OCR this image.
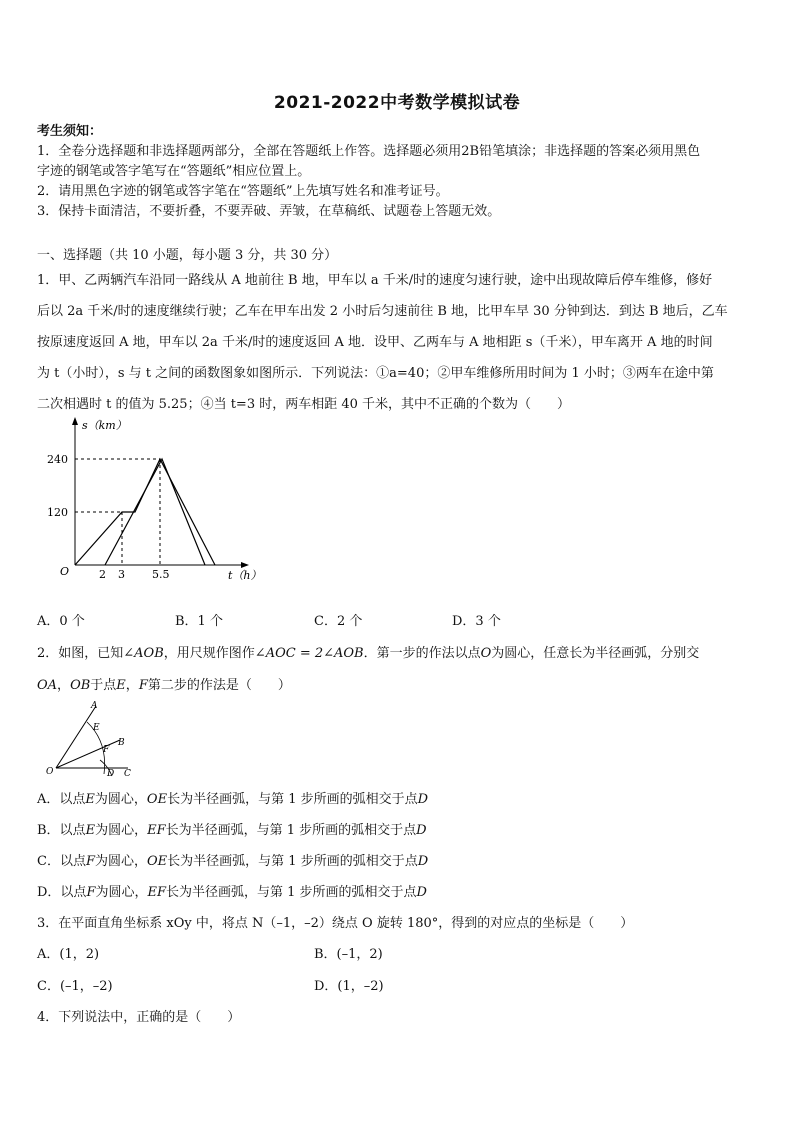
2021-2022中考数学模拟试卷
考生须知：
1．全卷分选择题和非选择题两部分，全部在答题纸上作答。选择题必须用2B铅笔填涂；非选择题的答案必须用黑色
字迹的钢笔或答字笔写在“答题纸”相应位置上。
2．请用黑色字迹的钢笔或答字笔在“答题纸”上先填写姓名和准考证号。
3．保持卡面清洁，不要折叠，不要弄破、弄皱，在草稿纸、试题卷上答题无效。
一、选择题（共 10 小题，每小题 3 分，共 30 分）
1．甲、乙两辆汽车沿同一路线从 A 地前往 B 地，甲车以 a 千米/时的速度匀速行驶，途中出现故障后停车维修，修好
后以 2a 千米/时的速度继续行驶；乙车在甲车出发 2 小时后匀速前往 B 地，比甲车早 30 分钟到达．到达 B 地后，乙车
按原速度返回 A 地，甲车以 2a 千米/时的速度返回 A 地．设甲、乙两车与 A 地相距 s（千米），甲车离开 A 地的时间
为 t（小时），s 与 t 之间的函数图象如图所示．下列说法：①a=40；②甲车维修所用时间为 1 小时；③两车在途中第
二次相遇时 t 的值为 5.25；④当 t=3 时，两车相距 40 千米，其中不正确的个数为（　　）
s（km）
t（h）
O
240
120
2 3 5.5
A．0 个	B．1 个	C．2 个	D．3 个
2．如图，已知∠AOB，用尺规作图作∠AOC = 2∠AOB．第一步的作法以点O为圆心，任意长为半径画弧，分别交
OA，OB于点E，F第二步的作法是（　　）
A
E
B
F
O	D C
A．以点E为圆心，OE长为半径画弧，与第 1 步所画的弧相交于点D
B．以点E为圆心，EF长为半径画弧，与第 1 步所画的弧相交于点D
C．以点F为圆心，OE长为半径画弧，与第 1 步所画的弧相交于点D
D．以点F为圆心，EF长为半径画弧，与第 1 步所画的弧相交于点D
3．在平面直角坐标系 xOy 中，将点 N（–1，–2）绕点 O 旋转 180°，得到的对应点的坐标是（　　）
A．(1，2)	B．(–1，2)
C．(–1，–2)	D．(1，–2)
4．下列说法中，正确的是（　　）
